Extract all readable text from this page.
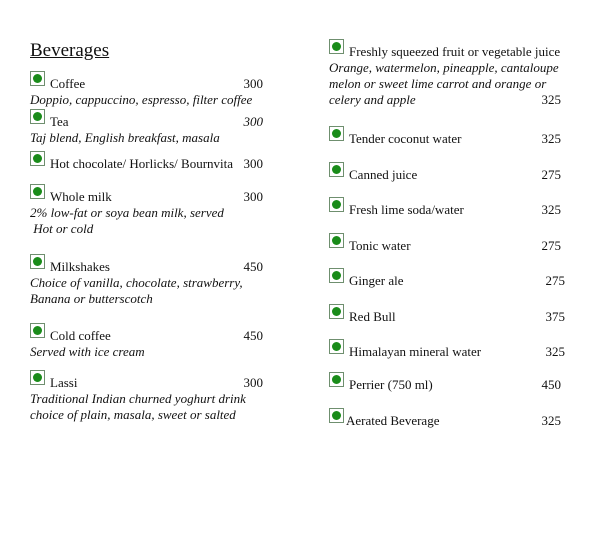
Beverages
Coffee	300
Doppio, cappuccino, espresso, filter coffee
Tea	300
Taj blend, English breakfast, masala
Hot chocolate/ Horlicks/ Bournvita 300
Whole milk	300
2% low-fat or soya bean milk, served
Hot or cold
Milkshakes	450
Choice of vanilla, chocolate, strawberry,
Banana or butterscotch
Cold coffee	450
Served with ice cream
Lassi	300
Traditional Indian churned yoghurt drink
choice of plain, masala, sweet or salted
Freshly squeezed fruit or vegetable juice
Orange, watermelon, pineapple, cantaloupe
melon or sweet lime carrot and orange or
celery and apple	325
Tender coconut water	325
Canned juice	275
Fresh lime soda/water	325
Tonic water	275
Ginger ale	275
Red Bull	375
Himalayan mineral water	325
Perrier (750 ml)	450
Aerated Beverage	325
